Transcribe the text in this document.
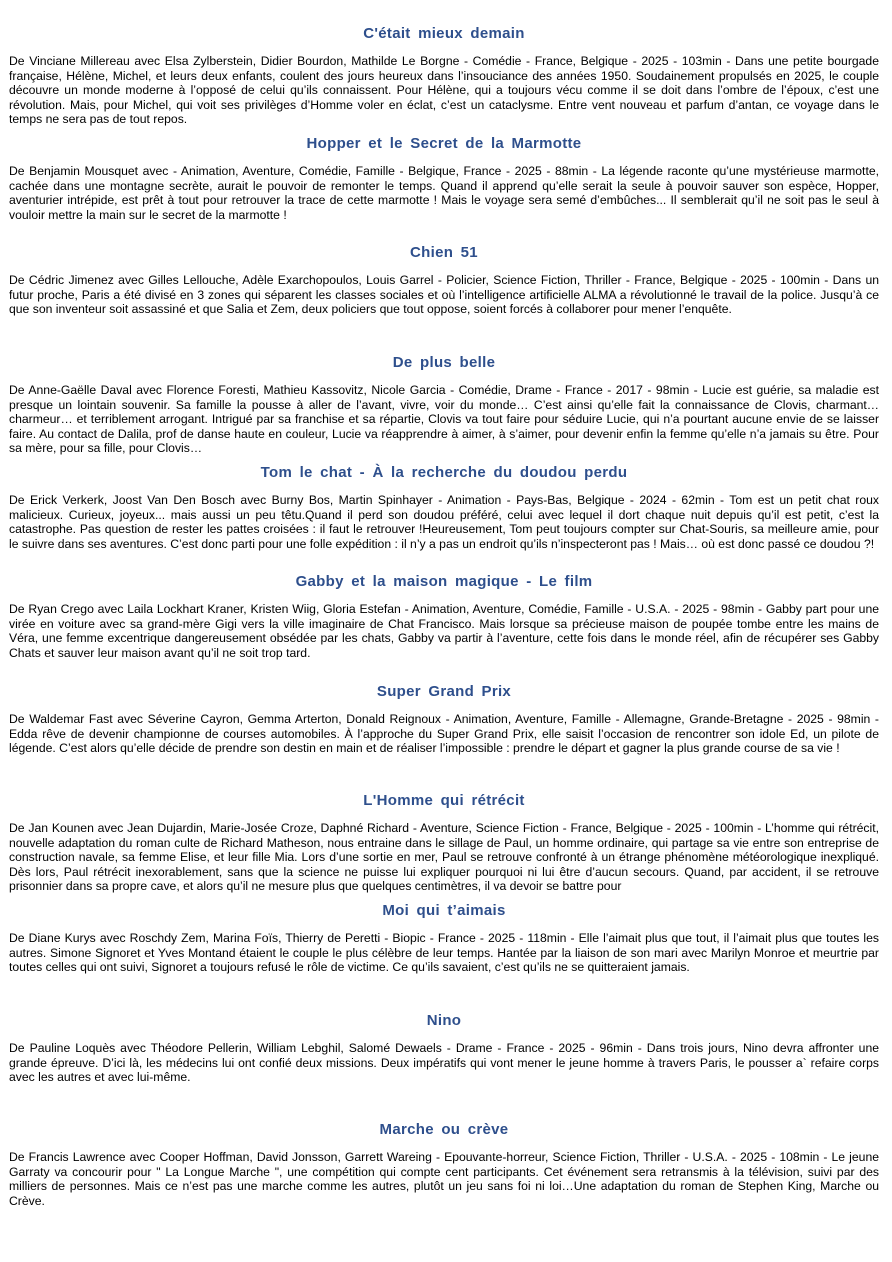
C'était mieux demain

De Vinciane Millereau avec Elsa Zylberstein, Didier Bourdon, Mathilde Le Borgne - Comédie - France, Belgique - 2025 - 103min - Dans une petite bourgade française, Hélène, Michel, et leurs deux enfants, coulent des jours heureux dans l’insouciance des années 1950. Soudainement propulsés en 2025, le couple découvre un monde moderne à l’opposé de celui qu’ils connaissent. Pour Hélène, qui a toujours vécu comme il se doit dans l’ombre de l’époux, c’est une révolution. Mais, pour Michel, qui voit ses privilèges d’Homme voler en éclat, c’est un cataclysme. Entre vent nouveau et parfum d’antan, ce voyage dans le temps ne sera pas de tout repos.

Hopper et le Secret de la Marmotte

De Benjamin Mousquet avec - Animation, Aventure, Comédie, Famille - Belgique, France - 2025 - 88min - La légende raconte qu’une mystérieuse marmotte, cachée dans une montagne secrète, aurait le pouvoir de remonter le temps. Quand il apprend qu’elle serait la seule à pouvoir sauver son espèce, Hopper, aventurier intrépide, est prêt à tout pour retrouver la trace de cette marmotte ! Mais le voyage sera semé d’embûches... Il semblerait qu’il ne soit pas le seul à vouloir mettre la main sur le secret de la marmotte !

Chien 51

De Cédric Jimenez avec Gilles Lellouche, Adèle Exarchopoulos, Louis Garrel - Policier, Science Fiction, Thriller - France, Belgique - 2025 - 100min - Dans un futur proche, Paris a été divisé en 3 zones qui séparent les classes sociales et où l’intelligence artificielle ALMA a révolutionné le travail de la police. Jusqu’à ce que son inventeur soit assassiné et que Salia et Zem, deux policiers que tout oppose, soient forcés à collaborer pour mener l’enquête.

De plus belle

De Anne-Gaëlle Daval avec Florence Foresti, Mathieu Kassovitz, Nicole Garcia - Comédie, Drame - France - 2017 - 98min - Lucie est guérie, sa maladie est presque un lointain souvenir. Sa famille la pousse à aller de l’avant, vivre, voir du monde… C’est ainsi qu’elle fait la connaissance de Clovis, charmant… charmeur… et terriblement arrogant. Intrigué par sa franchise et sa répartie, Clovis va tout faire pour séduire Lucie, qui n’a pourtant aucune envie de se laisser faire. Au contact de Dalila, prof de danse haute en couleur, Lucie va réapprendre à aimer, à s’aimer, pour devenir enfin la femme qu’elle n’a jamais su être. Pour sa mère, pour sa fille, pour Clovis…

Tom le chat - À la recherche du doudou perdu

De Erick Verkerk, Joost Van Den Bosch avec Burny Bos, Martin Spinhayer - Animation - Pays-Bas, Belgique - 2024 - 62min - Tom est un petit chat roux malicieux. Curieux, joyeux... mais aussi un peu têtu.Quand il perd son doudou préféré, celui avec lequel il dort chaque nuit depuis qu’il est petit, c’est la catastrophe. Pas question de rester les pattes croisées : il faut le retrouver !Heureusement, Tom peut toujours compter sur Chat-Souris, sa meilleure amie, pour le suivre dans ses aventures. C’est donc parti pour une folle expédition : il n’y a pas un endroit qu’ils n’inspecteront pas ! Mais… où est donc passé ce doudou ?!

Gabby et la maison magique - Le film

De Ryan Crego avec Laila Lockhart Kraner, Kristen Wiig, Gloria Estefan - Animation, Aventure, Comédie, Famille - U.S.A. - 2025 - 98min - Gabby part pour une virée en voiture avec sa grand-mère Gigi vers la ville imaginaire de Chat Francisco. Mais lorsque sa précieuse maison de poupée tombe entre les mains de Véra, une femme excentrique dangereusement obsédée par les chats, Gabby va partir à l’aventure, cette fois dans le monde réel, afin de récupérer ses Gabby Chats et sauver leur maison avant qu’il ne soit trop tard.

Super Grand Prix

De Waldemar Fast avec Séverine Cayron, Gemma Arterton, Donald Reignoux - Animation, Aventure, Famille - Allemagne, Grande-Bretagne - 2025 - 98min - Edda rêve de devenir championne de courses automobiles. À l’approche du Super Grand Prix, elle saisit l’occasion de rencontrer son idole Ed, un pilote de légende. C’est alors qu’elle décide de prendre son destin en main et de réaliser l’impossible : prendre le départ et gagner la plus grande course de sa vie !

L'Homme qui rétrécit

De Jan Kounen avec Jean Dujardin, Marie-Josée Croze, Daphné Richard - Aventure, Science Fiction - France, Belgique - 2025 - 100min - L’homme qui rétrécit, nouvelle adaptation du roman culte de Richard Matheson, nous entraine dans le sillage de Paul, un homme ordinaire, qui partage sa vie entre son entreprise de construction navale, sa femme Elise, et leur fille Mia. Lors d’une sortie en mer, Paul se retrouve confronté à un étrange phénomène météorologique inexpliqué. Dès lors, Paul rétrécit inexorablement, sans que la science ne puisse lui expliquer pourquoi ni lui être d’aucun secours. Quand, par accident, il se retrouve prisonnier dans sa propre cave, et alors qu’il ne mesure plus que quelques centimètres, il va devoir se battre pour

Moi qui t’aimais

De Diane Kurys avec Roschdy Zem, Marina Foïs, Thierry de Peretti - Biopic - France - 2025 - 118min - Elle l’aimait plus que tout, il l’aimait plus que toutes les autres. Simone Signoret et Yves Montand étaient le couple le plus célèbre de leur temps. Hantée par la liaison de son mari avec Marilyn Monroe et meurtrie par toutes celles qui ont suivi, Signoret a toujours refusé le rôle de victime. Ce qu’ils savaient, c’est qu’ils ne se quitteraient jamais.

Nino

De Pauline Loquès avec Théodore Pellerin, William Lebghil, Salomé Dewaels - Drame - France - 2025 - 96min - Dans trois jours, Nino devra affronter une grande épreuve. D’ici là, les médecins lui ont confié deux missions. Deux impératifs qui vont mener le jeune homme à travers Paris, le pousser a` refaire corps avec les autres et avec lui-même.

Marche ou crève

De Francis Lawrence avec Cooper Hoffman, David Jonsson, Garrett Wareing - Epouvante-horreur, Science Fiction, Thriller - U.S.A. - 2025 - 108min - Le jeune Garraty va concourir pour " La Longue Marche ", une compétition qui compte cent participants. Cet événement sera retransmis à la télévision, suivi par des milliers de personnes. Mais ce n’est pas une marche comme les autres, plutôt un jeu sans foi ni loi…Une adaptation du roman de Stephen King, Marche ou Crève.
